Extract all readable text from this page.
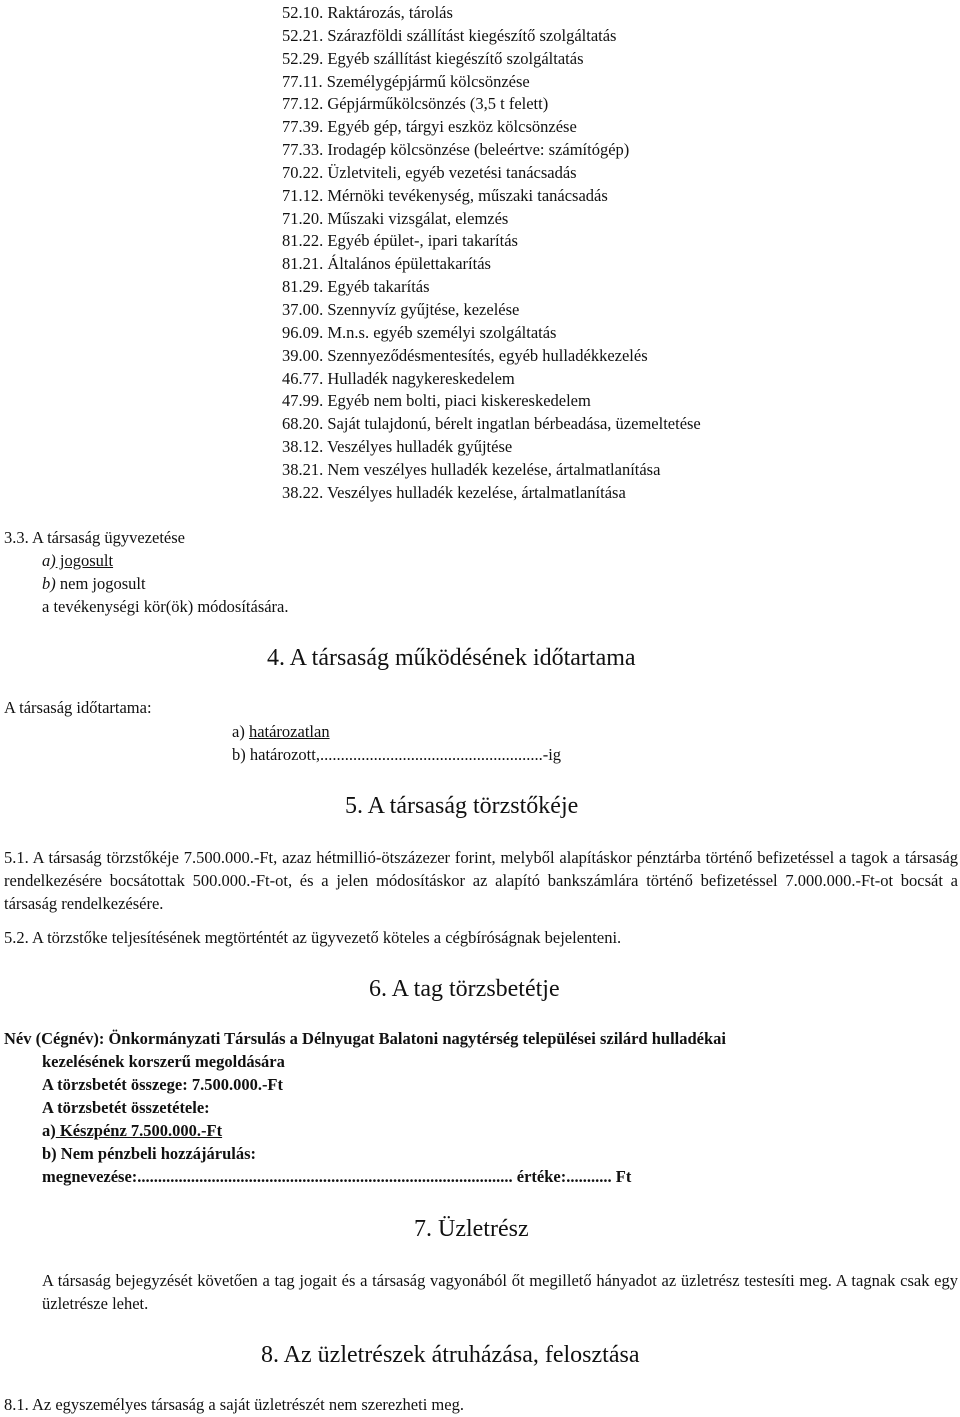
52.10. Raktározás, tárolás
52.21. Szárazföldi szállítást kiegészítő szolgáltatás
52.29. Egyéb szállítást kiegészítő szolgáltatás
77.11. Személygépjármű kölcsönzése
77.12. Gépjárműkölcsönzés (3,5 t felett)
77.39. Egyéb gép, tárgyi eszköz kölcsönzése
77.33. Irodagép kölcsönzése (beleértve: számítógép)
70.22. Üzletviteli, egyéb vezetési tanácsadás
71.12. Mérnöki tevékenység, műszaki tanácsadás
71.20. Műszaki vizsgálat, elemzés
81.22. Egyéb épület-, ipari takarítás
81.21. Általános épülettakarítás
81.29. Egyéb takarítás
37.00. Szennyvíz gyűjtése, kezelése
96.09. M.n.s. egyéb személyi szolgáltatás
39.00. Szennyeződésmentesítés, egyéb hulladékkezelés
46.77. Hulladék nagykereskedelem
47.99. Egyéb nem bolti, piaci kiskereskedelem
68.20. Saját tulajdonú, bérelt ingatlan bérbeadása, üzemeltetése
38.12. Veszélyes hulladék gyűjtése
38.21. Nem veszélyes hulladék kezelése, ártalmatlanítása
38.22. Veszélyes hulladék kezelése, ártalmatlanítása
3.3. A társaság ügyvezetése
a) jogosult
b) nem jogosult
a tevékenységi kör(ök) módosítására.
4. A társaság működésének időtartama
A társaság időtartama:
a) határozatlan
b) határozott,......................................................-ig
5. A társaság törzstőkéje
5.1. A társaság törzstőkéje 7.500.000.-Ft, azaz hétmillió-ötszázezer forint, melyből alapításkor pénztárba történő befizetéssel a tagok a társaság rendelkezésére bocsátottak 500.000.-Ft-ot, és a jelen módosításkor az alapító bankszámlára történő befizetéssel 7.000.000.-Ft-ot bocsát a társaság rendelkezésére.
5.2. A törzstőke teljesítésének megtörténtét az ügyvezető köteles a cégbíróságnak bejelenteni.
6. A tag törzsbetétje
Név (Cégnév): Önkormányzati Társulás a Délnyugat Balatoni nagytérség települései szilárd hulladékai
kezelésének korszerű megoldására
A törzsbetét összege: 7.500.000.-Ft
A törzsbetét összetétele:
a) Készpénz 7.500.000.-Ft
b) Nem pénzbeli hozzájárulás:
megnevezése:........................................................................................... értéke:........... Ft
7. Üzletrész
A társaság bejegyzését követően a tag jogait és a társaság vagyonából őt megillető hányadot az üzletrész testesíti meg. A tagnak csak egy üzletrésze lehet.
8. Az üzletrészek átruházása, felosztása
8.1. Az egyszemélyes társaság a saját üzletrészét nem szerezheti meg.
